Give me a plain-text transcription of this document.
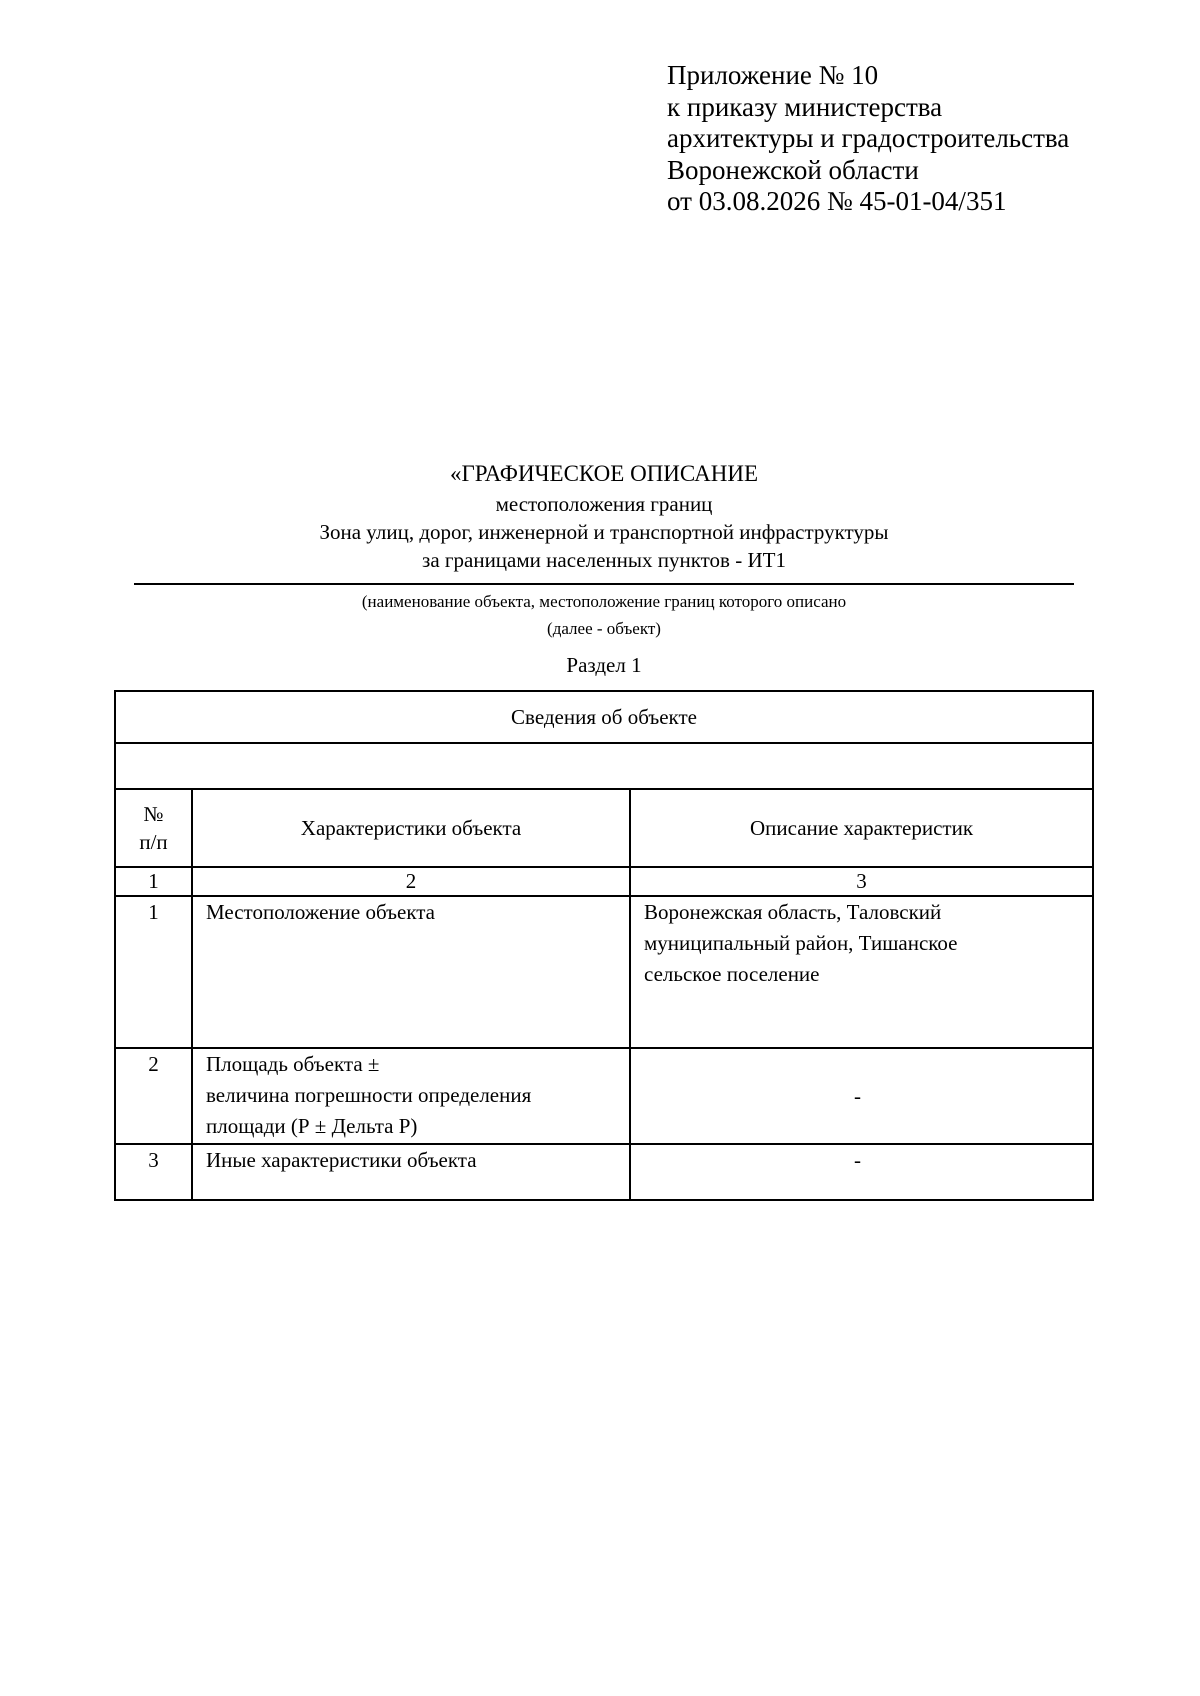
Приложение № 10
к приказу министерства
архитектуры и градостроительства
Воронежской области
от 03.08.2026 № 45-01-04/351
«ГРАФИЧЕСКОЕ ОПИСАНИЕ
местоположения границ
Зона улиц, дорог, инженерной и транспортной инфраструктуры
за границами населенных пунктов - ИТ1
(наименование объекта, местоположение границ которого описано
(далее - объект)
Раздел 1
Сведения об объекте		

№
п/п	Характеристики объекта	Описание характеристик
1	2	3
1	Местоположение объекта	Воронежская область, Таловский
муниципальный район, Тишанское
сельское поселение

2	Площадь объекта ±
величина погрешности определения
площади (Р ± Дельта Р)	-

3	Иные характеристики объекта	-
